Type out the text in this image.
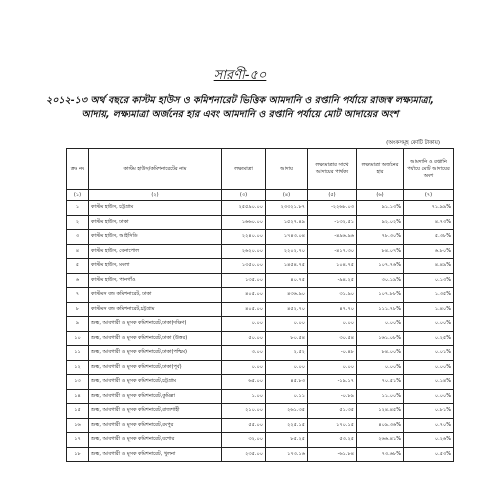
সারণী-৫০
২০১২-১৩ অর্থ বছরে কাস্টম হাউস ও কমিশনারেট ভিত্তিক আমদানি ও রপ্তানি পর্যায়ে রাজস্ব লক্ষ্যমাত্রা,
আদায়, লক্ষ্যমাত্রা অর্জনের হার এবং আমদানি ও রপ্তানি পর্যায়ে মোট আদায়ের অংশ
(অংকসমূহ কোটি টাকায়)
ক্রঃ নং	কাস্টম হাউস/কমিশনারেটের নাম	লক্ষ্যমাত্রা	আদায়	লক্ষ্যমাত্রার সাথে আদায়ের পার্থক্য	লক্ষ্যমাত্রা অর্জনের হার	আমদানি ও রপ্তানি পর্যায়ে মোট আদায়ের অংশ
(১)	(২)	(৩)	(৪)	(৫)	(৬)	(৭)
১	কাস্টম হাউস, চট্টগ্রাম	২৫৫৯০.০০	২৩৩২১.৮৭	-২২৬৮.০৩	৯১.১৩%	৭১.৯৯%
২	কাস্টম হাউস, ঢাকা	১৬৬০.০০	১৫২৭.৪৯	-১৩২.৫১	৯২.০২%	৪.৭৩%
৩	কাস্টম হাউস, আইসিডি	২২৪০.০০	১৭৪৩.০৪	-৪৯৬.৯৬	৭৮.৩০%	৫.৩৮%
৪	কাস্টম হাউস, বেনাপোল	২৬২০.০০	২২০২.৭০	-৪১৭.৩০	৮৪.০৭%	৬.৮০%
৫	কাস্টম হাউস, মংলা	১৩৫০.০০	১৪৫৪.৭৫	১০৪.৭৫	১০৭.৭৬%	৪.৪৯%
৬	কাস্টম হাউস, পানগাঁও	১৩৫.০০	৪০.৭৫	-৯৪.২৫	৩০.১৯%	০.১৩%
৭	কাস্টমস বন্ড কমিশনারেট, ঢাকা	৪০৫.০০	৪৩৬.৯০	৩১.৯০	১০৭.৮৮%	১.৩৫%
৮	কাস্টমস বন্ড কমিশনারেট,চট্টগ্রাম	৪০৫.০০	৪৫২.৭০	৪৭.৭০	১১১.৭৮%	১.৪০%
৯	শুল্ক, আবগারী ও মূসক কমিশনারেট,ঢাকা(দক্ষিণ)	০.০০	০.০০	০.০০	০.০০%	০.০০%
১০	শুল্ক, আবগারী ও মূসক কমিশনারেট,ঢাকা (উত্তর)	৫০.০০	৮০.৫৪	৩০.৫৪	১৬১.০৮%	০.২৫%
১১	শুল্ক, আবগারী ও মূসক কমিশনারেট,ঢাকা(পশ্চিম)	৩.০০	২.৫২	-০.৪৮	৮৪.০০%	০.০১%
১২	শুল্ক, আবগারী ও মূসক কমিশনারেট,ঢাকা(পূর্ব)	০.০০	০.০০	০.০০	০.০০%	০.০০%
১৩	শুল্ক, আবগারী ও মূসক কমিশনারেট,চট্টগ্রাম	৬৫.০০	৪৫.৮৩	-১৯.১৭	৭০.৫১%	০.১৪%
১৪	শুল্ক, আবগারী ও মূসক কমিশনারেট,কুমিল্লা	১.০০	০.১১	-০.৮৯	১১.০০%	০.০০%
১৫	শুল্ক, আবগারী ও মূসক কমিশনারেট,রাজশাহী	২১০.০০	২৬১.৩৫	৫১.৩৫	১২৪.৪৫%	০.৮১%
১৬	শুল্ক, আবগারী ও মূসক কমিশনারেট,রংপুর	৫৫.০০	২২৫.১৫	১৭০.১৫	৪০৯.৩৬%	০.৭০%
১৭	শুল্ক, আবগারী ও মূসক কমিশনারেট,যশোর	৩২.০০	৮৫.২৫	৫৩.২৫	২৬৬.৪১%	০.২৬%
১৮	শুল্ক, আবগারী ও মূসক কমিশনারেট, খুলনা	২৩৫.০০	১৭৩.১৬	-৬১.৮৪	৭৩.৬৮%	০.৫৩%
